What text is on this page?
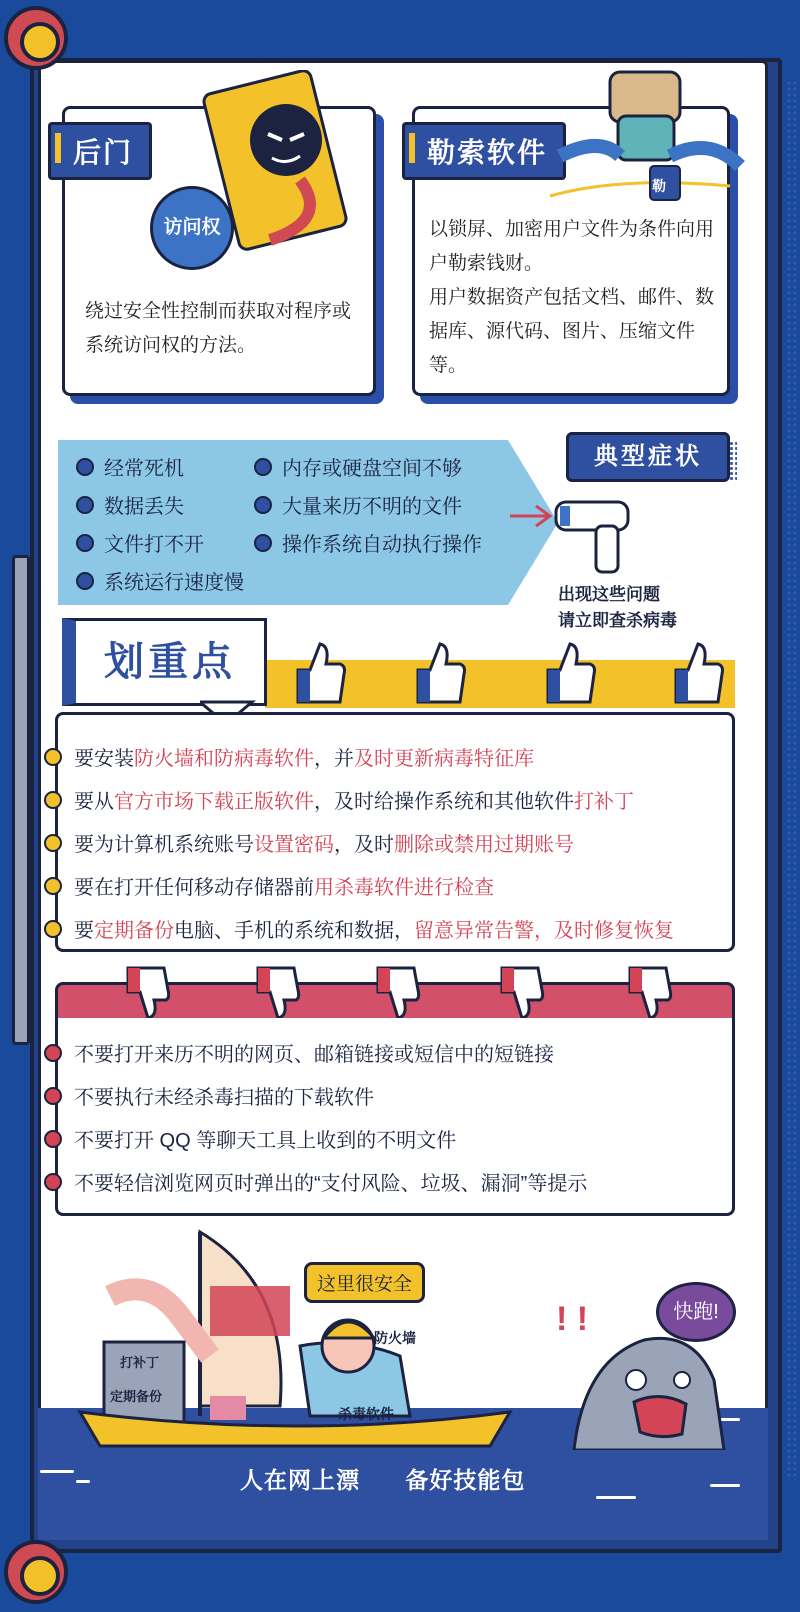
绕过安全性控制而获取对程序或系统访问权的方法。
后门
访问权	以锁屏、加密用户文件为条件向用户勒索钱财。
用户数据资产包括文档、邮件、数据库、源代码、图片、压缩文件等。
勒索软件
勒
经常死机	内存或硬盘空间不够
数据丢失	大量来历不明的文件
文件打不开	操作系统自动执行操作
系统运行速度慢
典型症状
出现这些问题
请立即查杀病毒
划重点
要安装 防火墙和防病毒软件 ，并 及时更新病毒特征库
要从 官方市场下载正版软件 ，及时给操作系统和其他软件 打补丁
要为计算机系统账号 设置密码 ，及时 删除或禁用过期账号
要在打开任何移动存储器前 用杀毒软件进行检查
要 定期备份 电脑、手机的系统和数据， 留意异常告警，及时修复恢复
不要打开来历不明的网页、邮箱链接或短信中的短链接
不要执行未经杀毒扫描的下载软件
不要打开 QQ 等聊天工具上收到的不明文件
不要轻信浏览网页时弹出的“支付风险、垃圾、漏洞”等提示
打补丁
定期备份
防火墙
杀毒软件
这里很安全
! !	快跑!
人在网上漂 备好技能包
